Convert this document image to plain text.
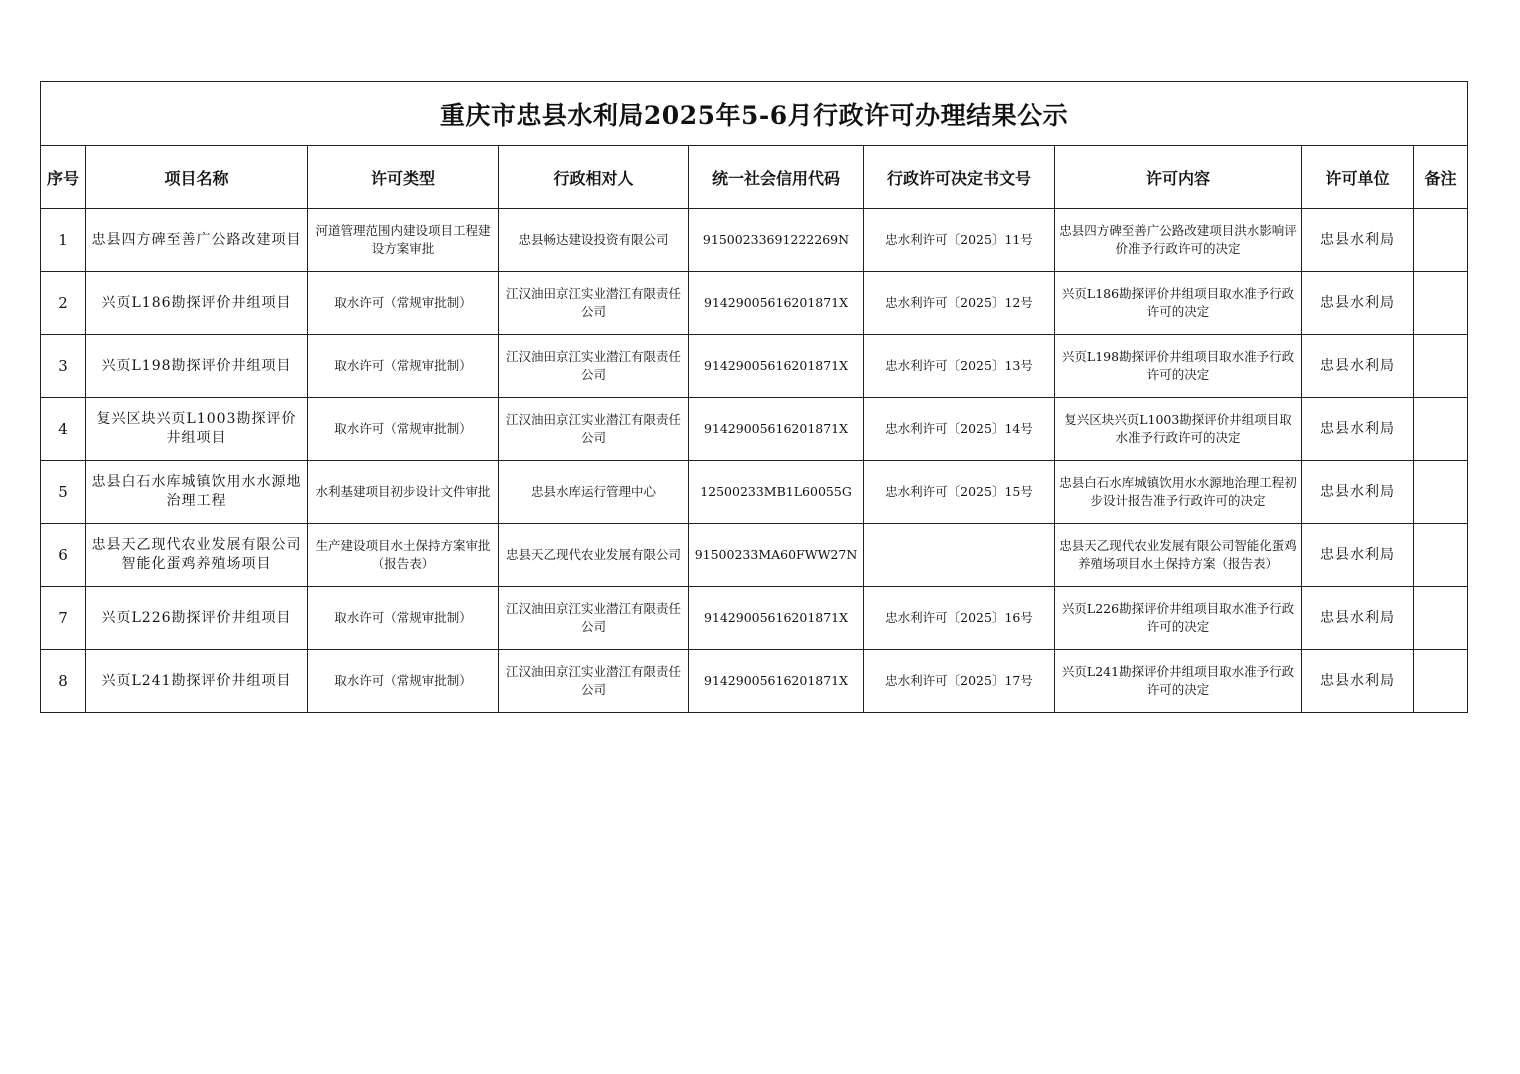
重庆市忠县水利局2025年5-6月行政许可办理结果公示								
序号	项目名称	许可类型	行政相对人	统一社会信用代码	行政许可决定书文号	许可内容	许可单位	备注
1	忠县四方碑至善广公路改建项目	河道管理范围内建设项目工程建设方案审批	忠县畅达建设投资有限公司	91500233691222269N	忠水利许可〔2025〕11号	忠县四方碑至善广公路改建项目洪水影响评价准予行政许可的决定	忠县水利局	
2	兴页L186勘探评价井组项目	取水许可（常规审批制）	江汉油田京江实业潜江有限责任公司	91429005616201871X	忠水利许可〔2025〕12号	兴页L186勘探评价井组项目取水准予行政许可的决定	忠县水利局	
3	兴页L198勘探评价井组项目	取水许可（常规审批制）	江汉油田京江实业潜江有限责任公司	91429005616201871X	忠水利许可〔2025〕13号	兴页L198勘探评价井组项目取水准予行政许可的决定	忠县水利局	
4	复兴区块兴页L1003勘探评价井组项目	取水许可（常规审批制）	江汉油田京江实业潜江有限责任公司	91429005616201871X	忠水利许可〔2025〕14号	复兴区块兴页L1003勘探评价井组项目取水准予行政许可的决定	忠县水利局	
5	忠县白石水库城镇饮用水水源地治理工程	水利基建项目初步设计文件审批	忠县水库运行管理中心	12500233MB1L60055G	忠水利许可〔2025〕15号	忠县白石水库城镇饮用水水源地治理工程初步设计报告准予行政许可的决定	忠县水利局	
6	忠县天乙现代农业发展有限公司智能化蛋鸡养殖场项目	生产建设项目水土保持方案审批（报告表）	忠县天乙现代农业发展有限公司	91500233MA60FWW27N		忠县天乙现代农业发展有限公司智能化蛋鸡养殖场项目水土保持方案（报告表）	忠县水利局	
7	兴页L226勘探评价井组项目	取水许可（常规审批制）	江汉油田京江实业潜江有限责任公司	91429005616201871X	忠水利许可〔2025〕16号	兴页L226勘探评价井组项目取水准予行政许可的决定	忠县水利局	
8	兴页L241勘探评价井组项目	取水许可（常规审批制）	江汉油田京江实业潜江有限责任公司	91429005616201871X	忠水利许可〔2025〕17号	兴页L241勘探评价井组项目取水准予行政许可的决定	忠县水利局	
